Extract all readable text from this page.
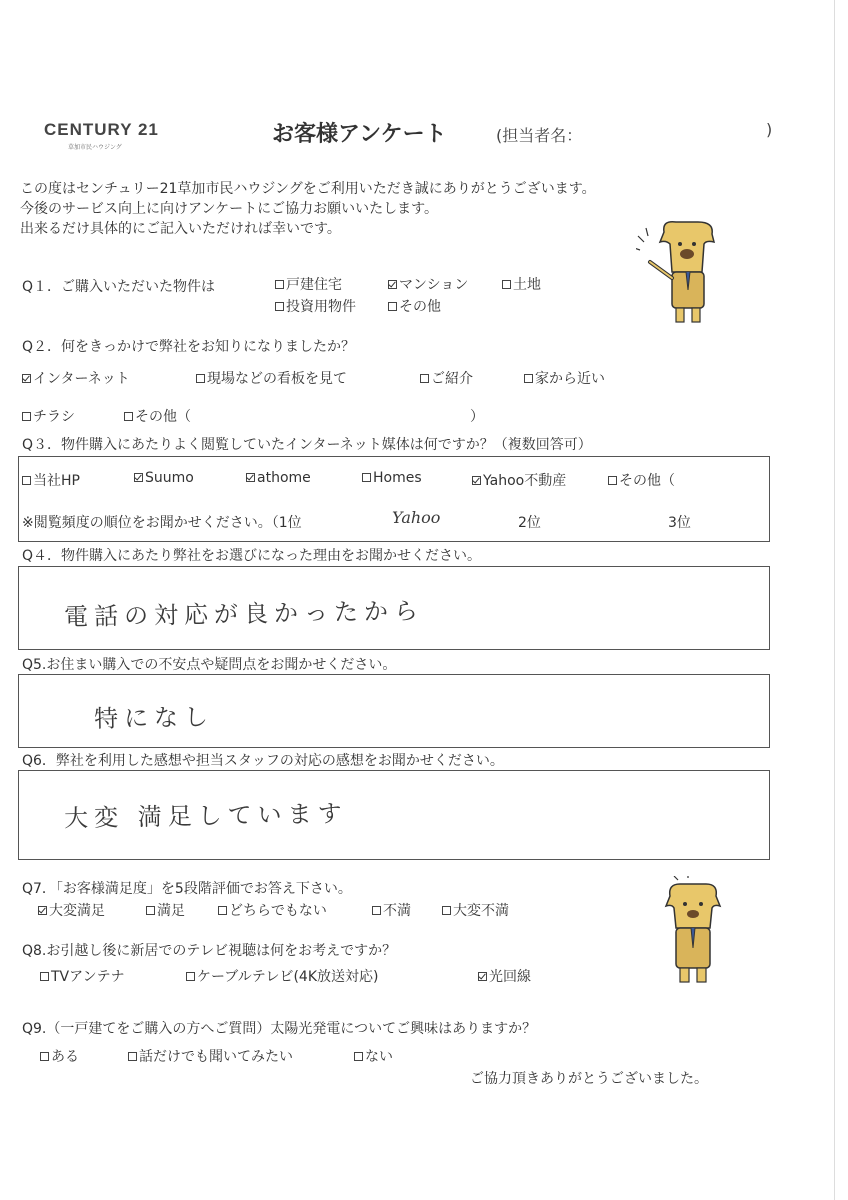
CENTURY 21
草加市民ハウジング
お客様アンケート	(担当者名：	)
この度はセンチュリー21草加市民ハウジングをご利用いただき誠にありがとうございます。
今後のサービス向上に向けアンケートにご協力お願いいたします。
出来るだけ具体的にご記入いただければ幸いです。
Q１．ご購入いただいた物件は	戸建住宅	マンション	土地
投資用物件	その他
Q２．何をきっかけで弊社をお知りになりましたか？
インターネット	現場などの看板を見て	ご紹介	家から近い
チラシ	その他（	）
Q３．物件購入にあたりよく閲覧していたインターネット媒体は何ですか？（複数回答可）
当社HP	Suumo	athome	Homes	Yahoo不動産	その他（
※閲覧頻度の順位をお聞かせください。（1位	Yahoo	2位	3位
Q４．物件購入にあたり弊社をお選びになった理由をお聞かせください。
電話の対応が良かったから
Q5.お住まい購入での不安点や疑問点をお聞かせください。
特になし
Q6．弊社を利用した感想や担当スタッフの対応の感想をお聞かせください。
大変 満足しています
Q7．「お客様満足度」を5段階評価でお答え下さい。
大変満足	満足	どちらでもない	不満	大変不満
Q8.お引越し後に新居でのテレビ視聴は何をお考えですか？
TVアンテナ	ケーブルテレビ(4K放送対応)	光回線
Q9.（一戸建てをご購入の方へご質問）太陽光発電についてご興味はありますか？
ある	話だけでも聞いてみたい	ない
ご協力頂きありがとうございました。
